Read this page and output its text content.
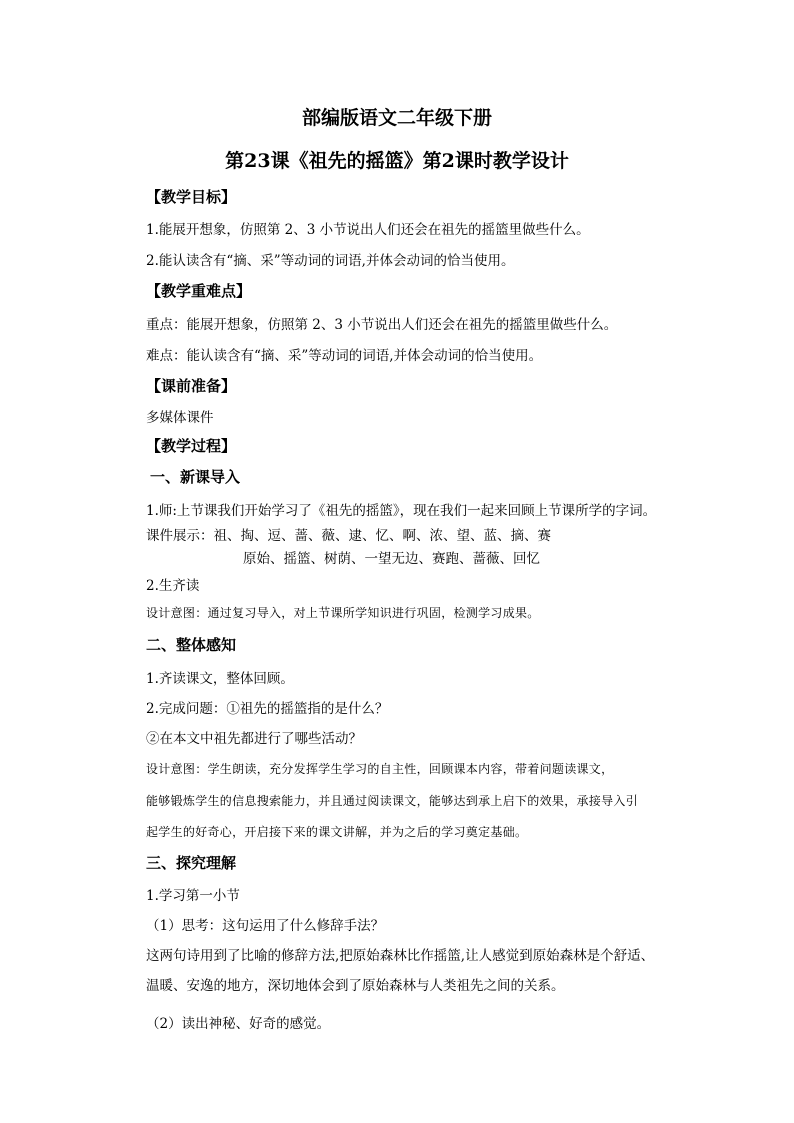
部编版语文二年级下册
第23课《祖先的摇篮》第2课时教学设计
【教学目标】
1.能展开想象，仿照第 2、3 小节说出人们还会在祖先的摇篮里做些什么。
2.能认读含有“摘、采”等动词的词语,并体会动词的恰当使用。
【教学重难点】
重点：能展开想象，仿照第 2、3 小节说出人们还会在祖先的摇篮里做些什么。
难点：能认读含有“摘、采”等动词的词语,并体会动词的恰当使用。
【课前准备】
多媒体课件
【教学过程】
一、新课导入
1.师:上节课我们开始学习了《祖先的摇篮》，现在我们一起来回顾上节课所学的字词。
课件展示：祖、掏、逗、蔷、薇、逮、忆、啊、浓、望、蓝、摘、赛
原始、摇篮、树荫、一望无边、赛跑、蔷薇、回忆
2.生齐读
设计意图：通过复习导入，对上节课所学知识进行巩固，检测学习成果。
二、整体感知
1.齐读课文，整体回顾。
2.完成问题：①祖先的摇篮指的是什么？
②在本文中祖先都进行了哪些活动？
设计意图：学生朗读，充分发挥学生学习的自主性，回顾课本内容，带着问题读课文，
能够锻炼学生的信息搜索能力，并且通过阅读课文，能够达到承上启下的效果，承接导入引
起学生的好奇心，开启接下来的课文讲解，并为之后的学习奠定基础。
三、探究理解
1.学习第一小节
（1）思考：这句运用了什么修辞手法？
这两句诗用到了比喻的修辞方法,把原始森林比作摇篮,让人感觉到原始森林是个舒适、
温暖、安逸的地方，深切地体会到了原始森林与人类祖先之间的关系。
（2）读出神秘、好奇的感觉。
